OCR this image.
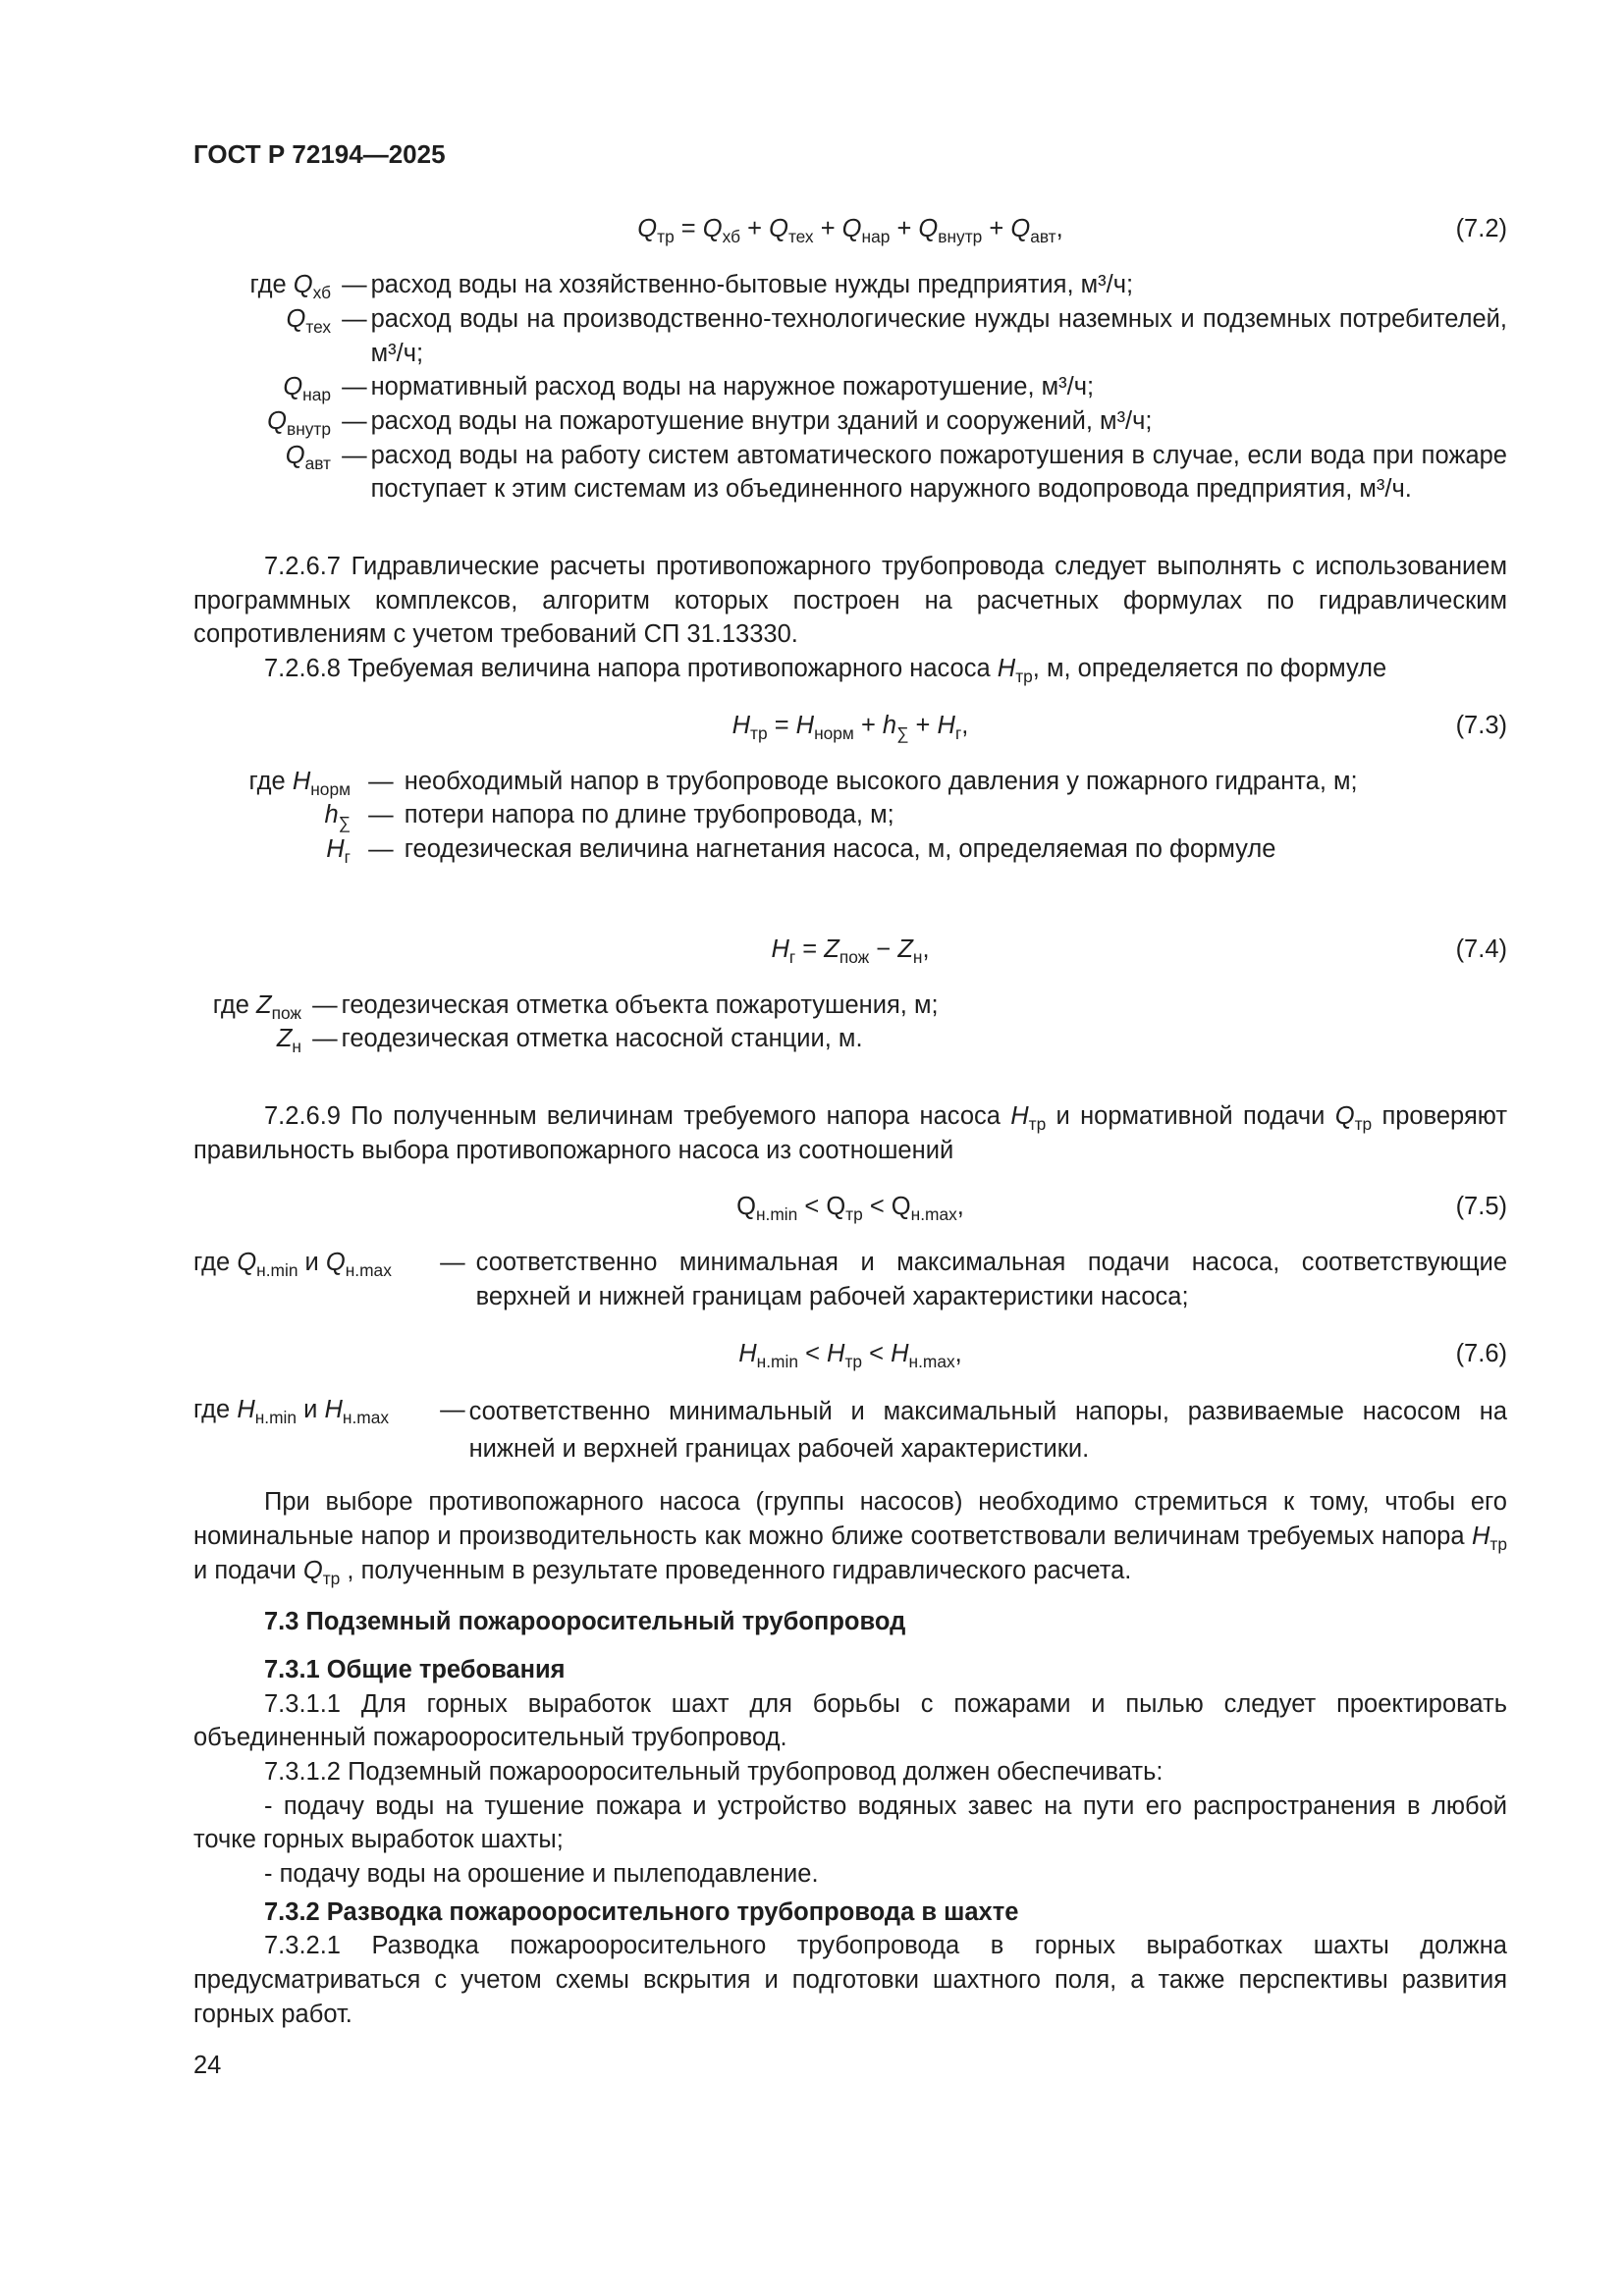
ГОСТ Р 72194—2025
$Q_{тр} = Q_{хб} + Q_{тех} + Q_{нар} + Q_{внутр} + Q_{авт}$,	(7.2)
где $Q_{хб}$ — расход воды на хозяйственно-бытовые нужды предприятия, м³/ч;
$Q_{тех}$ — расход воды на производственно-технологические нужды наземных и подземных потребителей, м³/ч;
$Q_{нар}$ — нормативный расход воды на наружное пожаротушение, м³/ч;
$Q_{внутр}$ — расход воды на пожаротушение внутри зданий и сооружений, м³/ч;
$Q_{авт}$ — расход воды на работу систем автоматического пожаротушения в случае, если вода при пожаре поступает к этим системам из объединенного наружного водопровода предприятия, м³/ч.

7.2.6.7 Гидравлические расчеты противопожарного трубопровода следует выполнять с использованием программных комплексов, алгоритм которых построен на расчетных формулах по гидравлическим сопротивлениям с учетом требований СП 31.13330.

7.2.6.8 Требуемая величина напора противопожарного насоса $H_{тр}$, м, определяется по формуле

$H_{тр} = H_{норм} + h_\sum + H_г$,	(7.3)
где $H_{норм}$ — необходимый напор в трубопроводе высокого давления у пожарного гидранта, м;
$h_\sum$ — потери напора по длине трубопровода, м;
$H_г$ — геодезическая величина нагнетания насоса, м, определяемая по формуле
$H_г = Z_{пож} - Z_н$,	(7.4)
где $Z_{пож}$ — геодезическая отметка объекта пожаротушения, м;
$Z_н$ — геодезическая отметка насосной станции, м.

7.2.6.9 По полученным величинам требуемого напора насоса $H_{тр}$ и нормативной подачи $Q_{тр}$ проверяют правильность выбора противопожарного насоса из соотношений

$Q_{н.min} < Q_{тр} < Q_{н.max}$,	(7.5)
где $Q_{н.min}$ и $Q_{н.max}$	— соответственно минимальная и максимальная подачи насоса, соответствующие верхней и нижней границам рабочей характеристики насоса;
$H_{н.min} < H_{тр} < H_{н.max}$,	(7.6)
где $H_{н.min}$ и $H_{н.max}$	— соответственно минимальный и максимальный напоры, развиваемые насосом на нижней и верхней границах рабочей характеристики.

При выборе противопожарного насоса (группы насосов) необходимо стремиться к тому, чтобы его номинальные напор и производительность как можно ближе соответствовали величинам требуемых напора $H_{тр}$ и подачи $Q_{тр}$ , полученным в результате проведенного гидравлического расчета.

7.3 Подземный пожарооросительный трубопровод
7.3.1 Общие требования

7.3.1.1 Для горных выработок шахт для борьбы с пожарами и пылью следует проектировать объединенный пожарооросительный трубопровод.

7.3.1.2 Подземный пожарооросительный трубопровод должен обеспечивать:

- подачу воды на тушение пожара и устройство водяных завес на пути его распространения в любой точке горных выработок шахты;

- подачу воды на орошение и пылеподавление.

7.3.2 Разводка пожарооросительного трубопровода в шахте

7.3.2.1 Разводка пожарооросительного трубопровода в горных выработках шахты должна предусматриваться с учетом схемы вскрытия и подготовки шахтного поля, а также перспективы развития горных работ.

24
